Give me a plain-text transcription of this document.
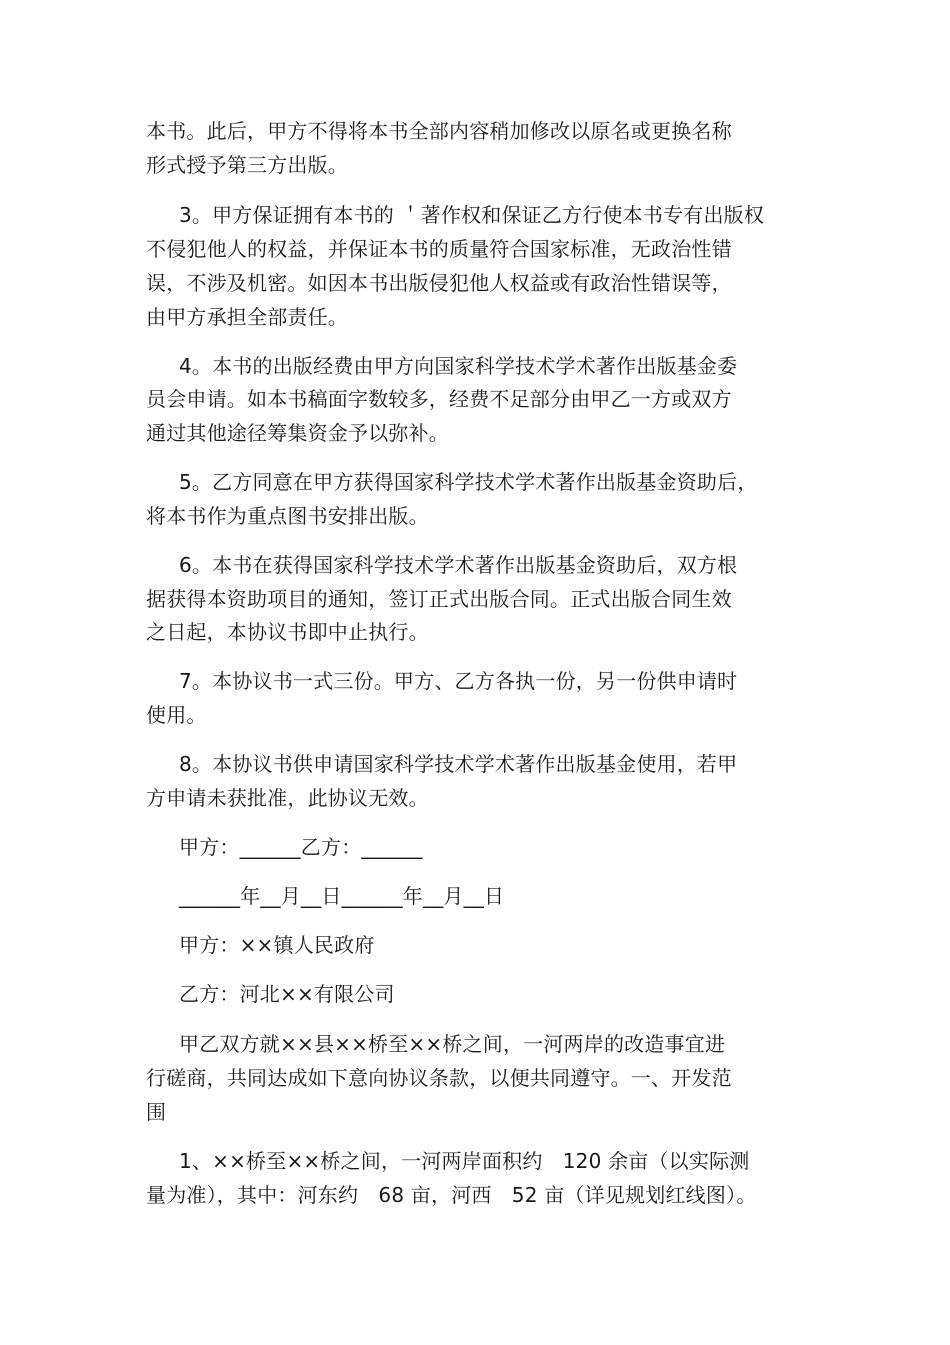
本书。此后，甲方不得将本书全部内容稍加修改以原名或更换名称
形式授予第三方出版。
3。甲方保证拥有本书的 ＇著作权和保证乙方行使本书专有出版权
不侵犯他人的权益，并保证本书的质量符合国家标准，无政治性错
误，不涉及机密。如因本书出版侵犯他人权益或有政治性错误等，
由甲方承担全部责任。
4。本书的出版经费由甲方向国家科学技术学术著作出版基金委
员会申请。如本书稿面字数较多，经费不足部分由甲乙一方或双方
通过其他途径筹集资金予以弥补。
5。乙方同意在甲方获得国家科学技术学术著作出版基金资助后，
将本书作为重点图书安排出版。
6。本书在获得国家科学技术学术著作出版基金资助后，双方根
据获得本资助项目的通知，签订正式出版合同。正式出版合同生效
之日起，本协议书即中止执行。
7。本协议书一式三份。甲方、乙方各执一份，另一份供申请时
使用。
8。本协议书供申请国家科学技术学术著作出版基金使用，若甲
方申请未获批准，此协议无效。
甲方：______乙方：______
______年__月__日______年__月__日
甲方：××镇人民政府
乙方：河北××有限公司
甲乙双方就××县××桥至××桥之间，一河两岸的改造事宜进
行磋商，共同达成如下意向协议条款，以便共同遵守。一、开发范
围
1、××桥至××桥之间，一河两岸面积约　120 余亩（以实际测
量为准），其中：河东约　68 亩，河西　52 亩（详见规划红线图）。
